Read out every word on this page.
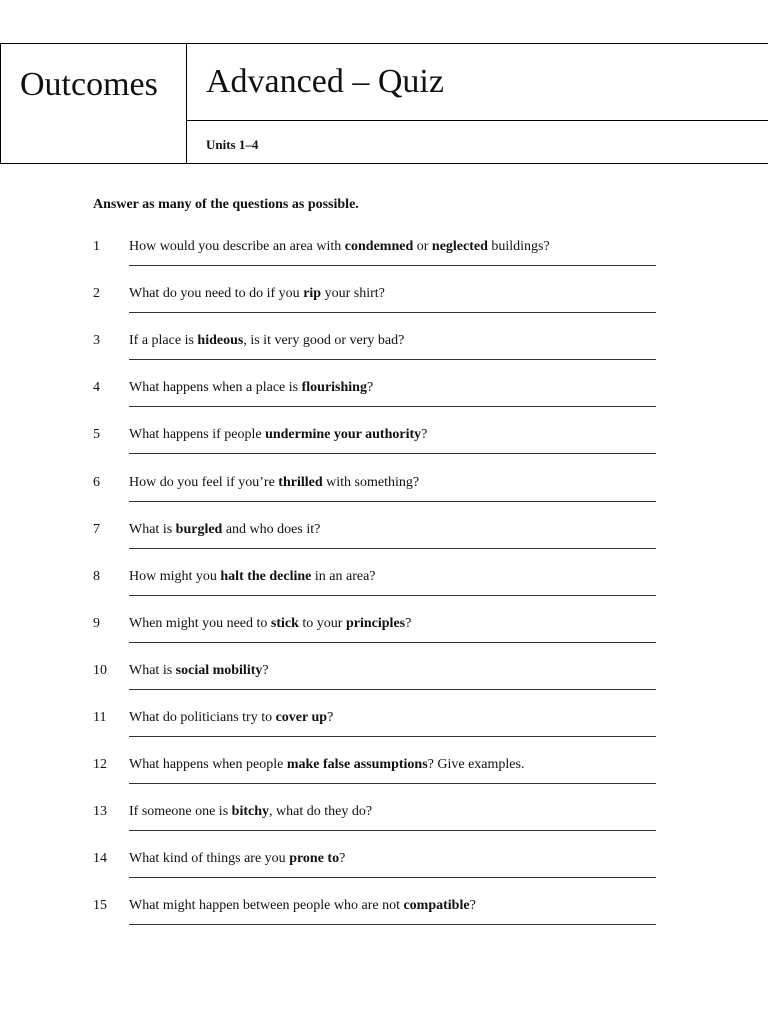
Outcomes Advanced – Quiz
Units 1–4
Answer as many of the questions as possible.
1 How would you describe an area with condemned or neglected buildings?
2 What do you need to do if you rip your shirt?
3 If a place is hideous, is it very good or very bad?
4 What happens when a place is flourishing?
5 What happens if people undermine your authority?
6 How do you feel if you’re thrilled with something?
7 What is burgled and who does it?
8 How might you halt the decline in an area?
9 When might you need to stick to your principles?
10 What is social mobility?
11 What do politicians try to cover up?
12 What happens when people make false assumptions? Give examples.
13 If someone one is bitchy, what do they do?
14 What kind of things are you prone to?
15 What might happen between people who are not compatible?
